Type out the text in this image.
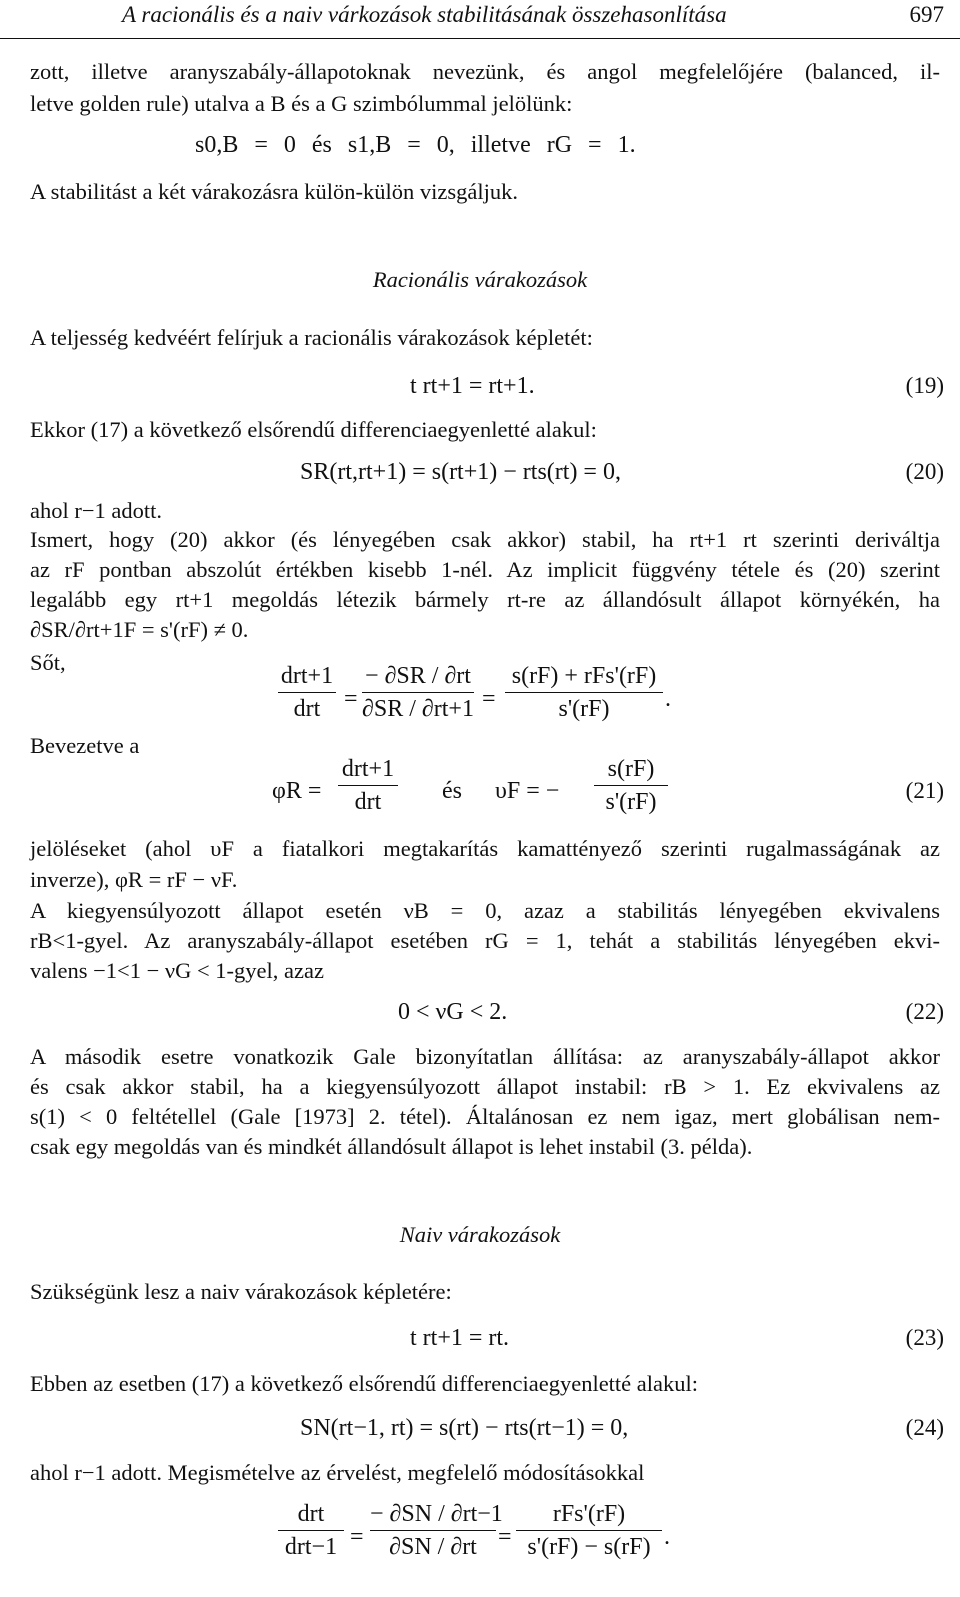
A racionális és a naiv várkozások stabilitásának összehasonlítása	697
zott, illetve aranyszabály-állapotoknak nevezünk, és angol megfelelőjére (balanced, il-
letve golden rule) utalva a B és a G szimbólummal jelölünk:
s0,B = 0 és s1,B = 0, illetve rG = 1.
A stabilitást a két várakozásra külön-külön vizsgáljuk.
Racionális várakozások
A teljesség kedvéért felírjuk a racionális várakozások képletét:
t rt+1 = rt+1.	(19)
Ekkor (17) a következő elsőrendű differenciaegyenletté alakul:
SR(rt,rt+1) = s(rt+1) − rts(rt) = 0,	(20)
ahol r−1 adott.
Ismert, hogy (20) akkor (és lényegében csak akkor) stabil, ha rt+1 rt szerinti deriváltja
az rF pontban abszolút értékben kisebb 1-nél. Az implicit függvény tétele és (20) szerint
legalább egy rt+1 megoldás létezik bármely rt-re az állandósult állapot környékén, ha
∂SR/∂rt+1F = s'(rF) ≠ 0.
Sőt,
drt+1
drt =
− ∂SR / ∂rt
∂SR / ∂rt+1 =
s(rF) + rFs'(rF)
s'(rF)	.
Bevezetve a
φR =
drt+1
drt	és υF = −
s(rF)
s'(rF)	(21)
jelöléseket (ahol υF a fiatalkori megtakarítás kamattényező szerinti rugalmasságának az
inverze), φR = rF − νF.
A kiegyensúlyozott állapot esetén νB = 0, azaz a stabilitás lényegében ekvivalens
rB<1-gyel. Az aranyszabály-állapot esetében rG = 1, tehát a stabilitás lényegében ekvi-
valens −1<1 − νG < 1-gyel, azaz
0 < νG < 2.	(22)
A második esetre vonatkozik Gale bizonyítatlan állítása: az aranyszabály-állapot akkor
és csak akkor stabil, ha a kiegyensúlyozott állapot instabil: rB > 1. Ez ekvivalens az
s(1) < 0 feltétellel (Gale [1973] 2. tétel). Általánosan ez nem igaz, mert globálisan nem-
csak egy megoldás van és mindkét állandósult állapot is lehet instabil (3. példa).
Naiv várakozások
Szükségünk lesz a naiv várakozások képletére:
t rt+1 = rt.	(23)
Ebben az esetben (17) a következő elsőrendű differenciaegyenletté alakul:
SN(rt−1, rt) = s(rt) − rts(rt−1) = 0,	(24)
ahol r−1 adott. Megismételve az érvelést, megfelelő módosításokkal
drt
drt−1 =
− ∂SN / ∂rt−1
∂SN / ∂rt =
rFs'(rF)
s'(rF) − s(rF) .
